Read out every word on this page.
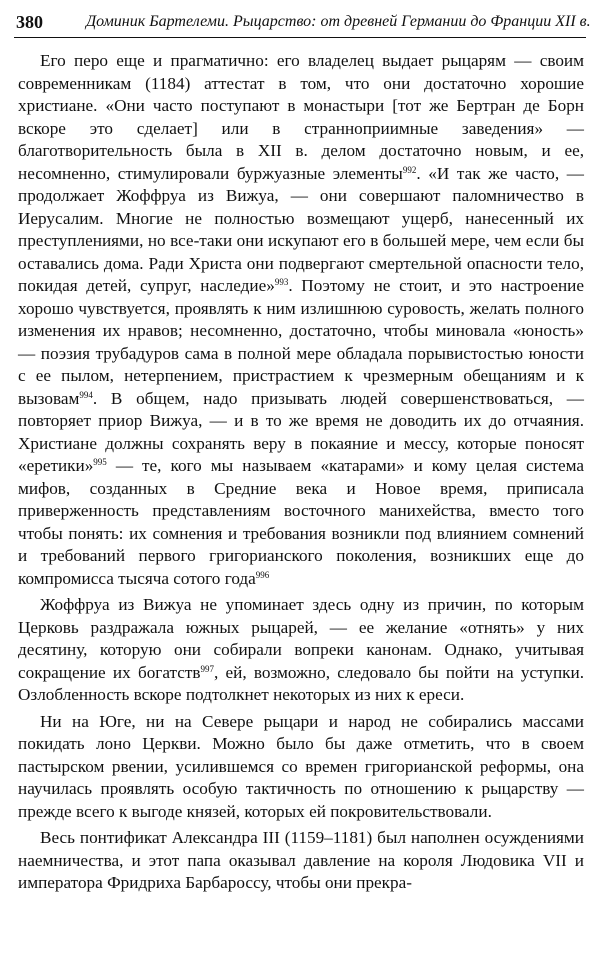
380	Доминик Бартелеми. Рыцарство: от древней Германии до Франции XII в.

Его перо еще и прагматично: его владелец выдает рыцарям — своим современникам (1184) аттестат в том, что они достаточно хорошие христиане. «Они часто поступают в монастыри [тот же Бертран де Борн вскоре это сделает] или в странноприимные заведения» — благотворительность была в XII в. делом достаточно новым, и ее, несомненно, стимулировали буржуазные элементы$^{992}$. «И так же часто, — продолжает Жоффруа из Вижуа, — они совершают паломничество в Иерусалим. Многие не полностью возмещают ущерб, нанесенный их преступлениями, но все-таки они искупают его в большей мере, чем если бы оставались дома. Ради Христа они подвергают смертельной опасности тело, покидая детей, супруг, наследие»$^{993}$. Поэтому не стоит, и это настроение хорошо чувствуется, проявлять к ним излишнюю суровость, желать полного изменения их нравов; несомненно, достаточно, чтобы миновала «юность» — поэзия трубадуров сама в полной мере обладала порывистостью юности с ее пылом, нетерпением, пристрастием к чрезмерным обещаниям и к вызовам$^{994}$. В общем, надо призывать людей совершенствоваться, — повторяет приор Вижуа, — и в то же время не доводить их до отчаяния. Христиане должны сохранять веру в покаяние и мессу, которые поносят «еретики»$^{995}$ — те, кого мы называем «катарами» и кому целая система мифов, созданных в Средние века и Новое время, приписала приверженность представлениям восточного манихейства, вместо того чтобы понять: их сомнения и требования возникли под влиянием сомнений и требований первого григорианского поколения, возникших еще до компромисса тысяча сотого года$^{996}$

Жоффруа из Вижуа не упоминает здесь одну из причин, по которым Церковь раздражала южных рыцарей, — ее желание «отнять» у них десятину, которую они собирали вопреки канонам. Однако, учитывая сокращение их богатств$^{997}$, ей, возможно, следовало бы пойти на уступки. Озлобленность вскоре подтолкнет некоторых из них к ереси.

Ни на Юге, ни на Севере рыцари и народ не собирались массами покидать лоно Церкви. Можно было бы даже отметить, что в своем пастырском рвении, усилившемся со времен григорианской реформы, она научилась проявлять особую тактичность по отношению к рыцарству — прежде всего к выгоде князей, которых ей покровительствовали.

Весь понтификат Александра III (1159–1181) был наполнен осуждениями наемничества, и этот папа оказывал давление на короля Людовика VII и императора Фридриха Барбароссу, чтобы они прекра-
